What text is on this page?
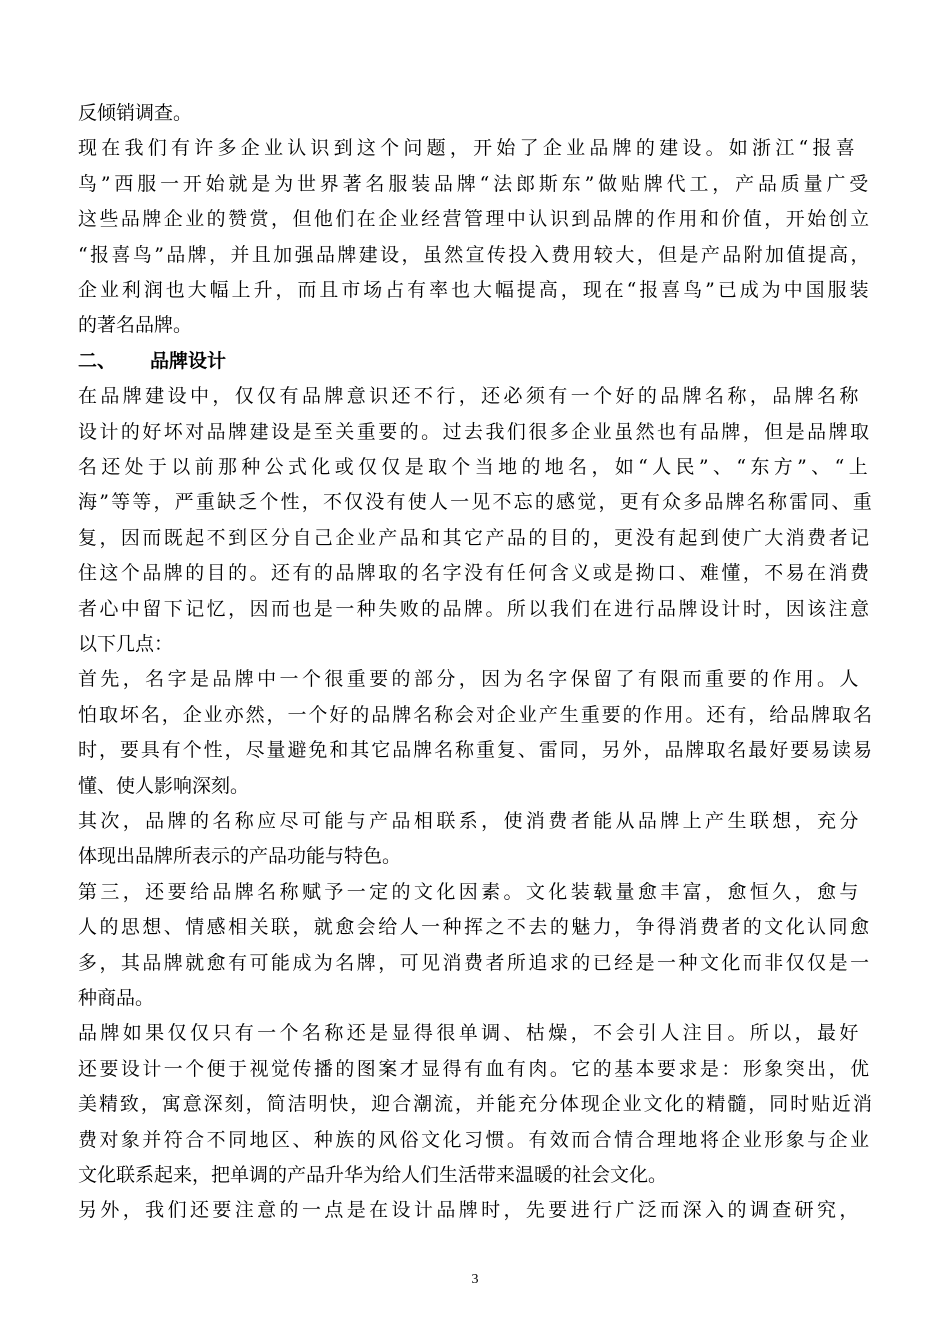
反倾销调查。
现在我们有许多企业认识到这个问题，开始了企业品牌的建设。如浙江“报喜
鸟”西服一开始就是为世界著名服装品牌“法郎斯东”做贴牌代工，产品质量广受
这些品牌企业的赞赏，但他们在企业经营管理中认识到品牌的作用和价值，开始创立
“报喜鸟”品牌，并且加强品牌建设，虽然宣传投入费用较大，但是产品附加值提高，
企业利润也大幅上升，而且市场占有率也大幅提高，现在“报喜鸟”已成为中国服装
的著名品牌。
二、 品牌设计
在品牌建设中，仅仅有品牌意识还不行，还必须有一个好的品牌名称，品牌名称
设计的好坏对品牌建设是至关重要的。过去我们很多企业虽然也有品牌，但是品牌取
名还处于以前那种公式化或仅仅是取个当地的地名，如“人民”、“东方”、“上
海”等等，严重缺乏个性，不仅没有使人一见不忘的感觉，更有众多品牌名称雷同、重
复，因而既起不到区分自己企业产品和其它产品的目的，更没有起到使广大消费者记
住这个品牌的目的。还有的品牌取的名字没有任何含义或是拗口、难懂，不易在消费
者心中留下记忆，因而也是一种失败的品牌。所以我们在进行品牌设计时，因该注意
以下几点：
首先，名字是品牌中一个很重要的部分，因为名字保留了有限而重要的作用。人
怕取坏名，企业亦然，一个好的品牌名称会对企业产生重要的作用。还有，给品牌取名
时，要具有个性，尽量避免和其它品牌名称重复、雷同，另外，品牌取名最好要易读易
懂、使人影响深刻。
其次，品牌的名称应尽可能与产品相联系，使消费者能从品牌上产生联想，充分
体现出品牌所表示的产品功能与特色。
第三，还要给品牌名称赋予一定的文化因素。文化装载量愈丰富，愈恒久，愈与
人的思想、情感相关联，就愈会给人一种挥之不去的魅力，争得消费者的文化认同愈
多，其品牌就愈有可能成为名牌，可见消费者所追求的已经是一种文化而非仅仅是一
种商品。
品牌如果仅仅只有一个名称还是显得很单调、枯燥，不会引人注目。所以，最好
还要设计一个便于视觉传播的图案才显得有血有肉。它的基本要求是：形象突出，优
美精致，寓意深刻，简洁明快，迎合潮流，并能充分体现企业文化的精髓，同时贴近消
费对象并符合不同地区、种族的风俗文化习惯。有效而合情合理地将企业形象与企业
文化联系起来，把单调的产品升华为给人们生活带来温暖的社会文化。
另外，我们还要注意的一点是在设计品牌时，先要进行广泛而深入的调查研究，
3
